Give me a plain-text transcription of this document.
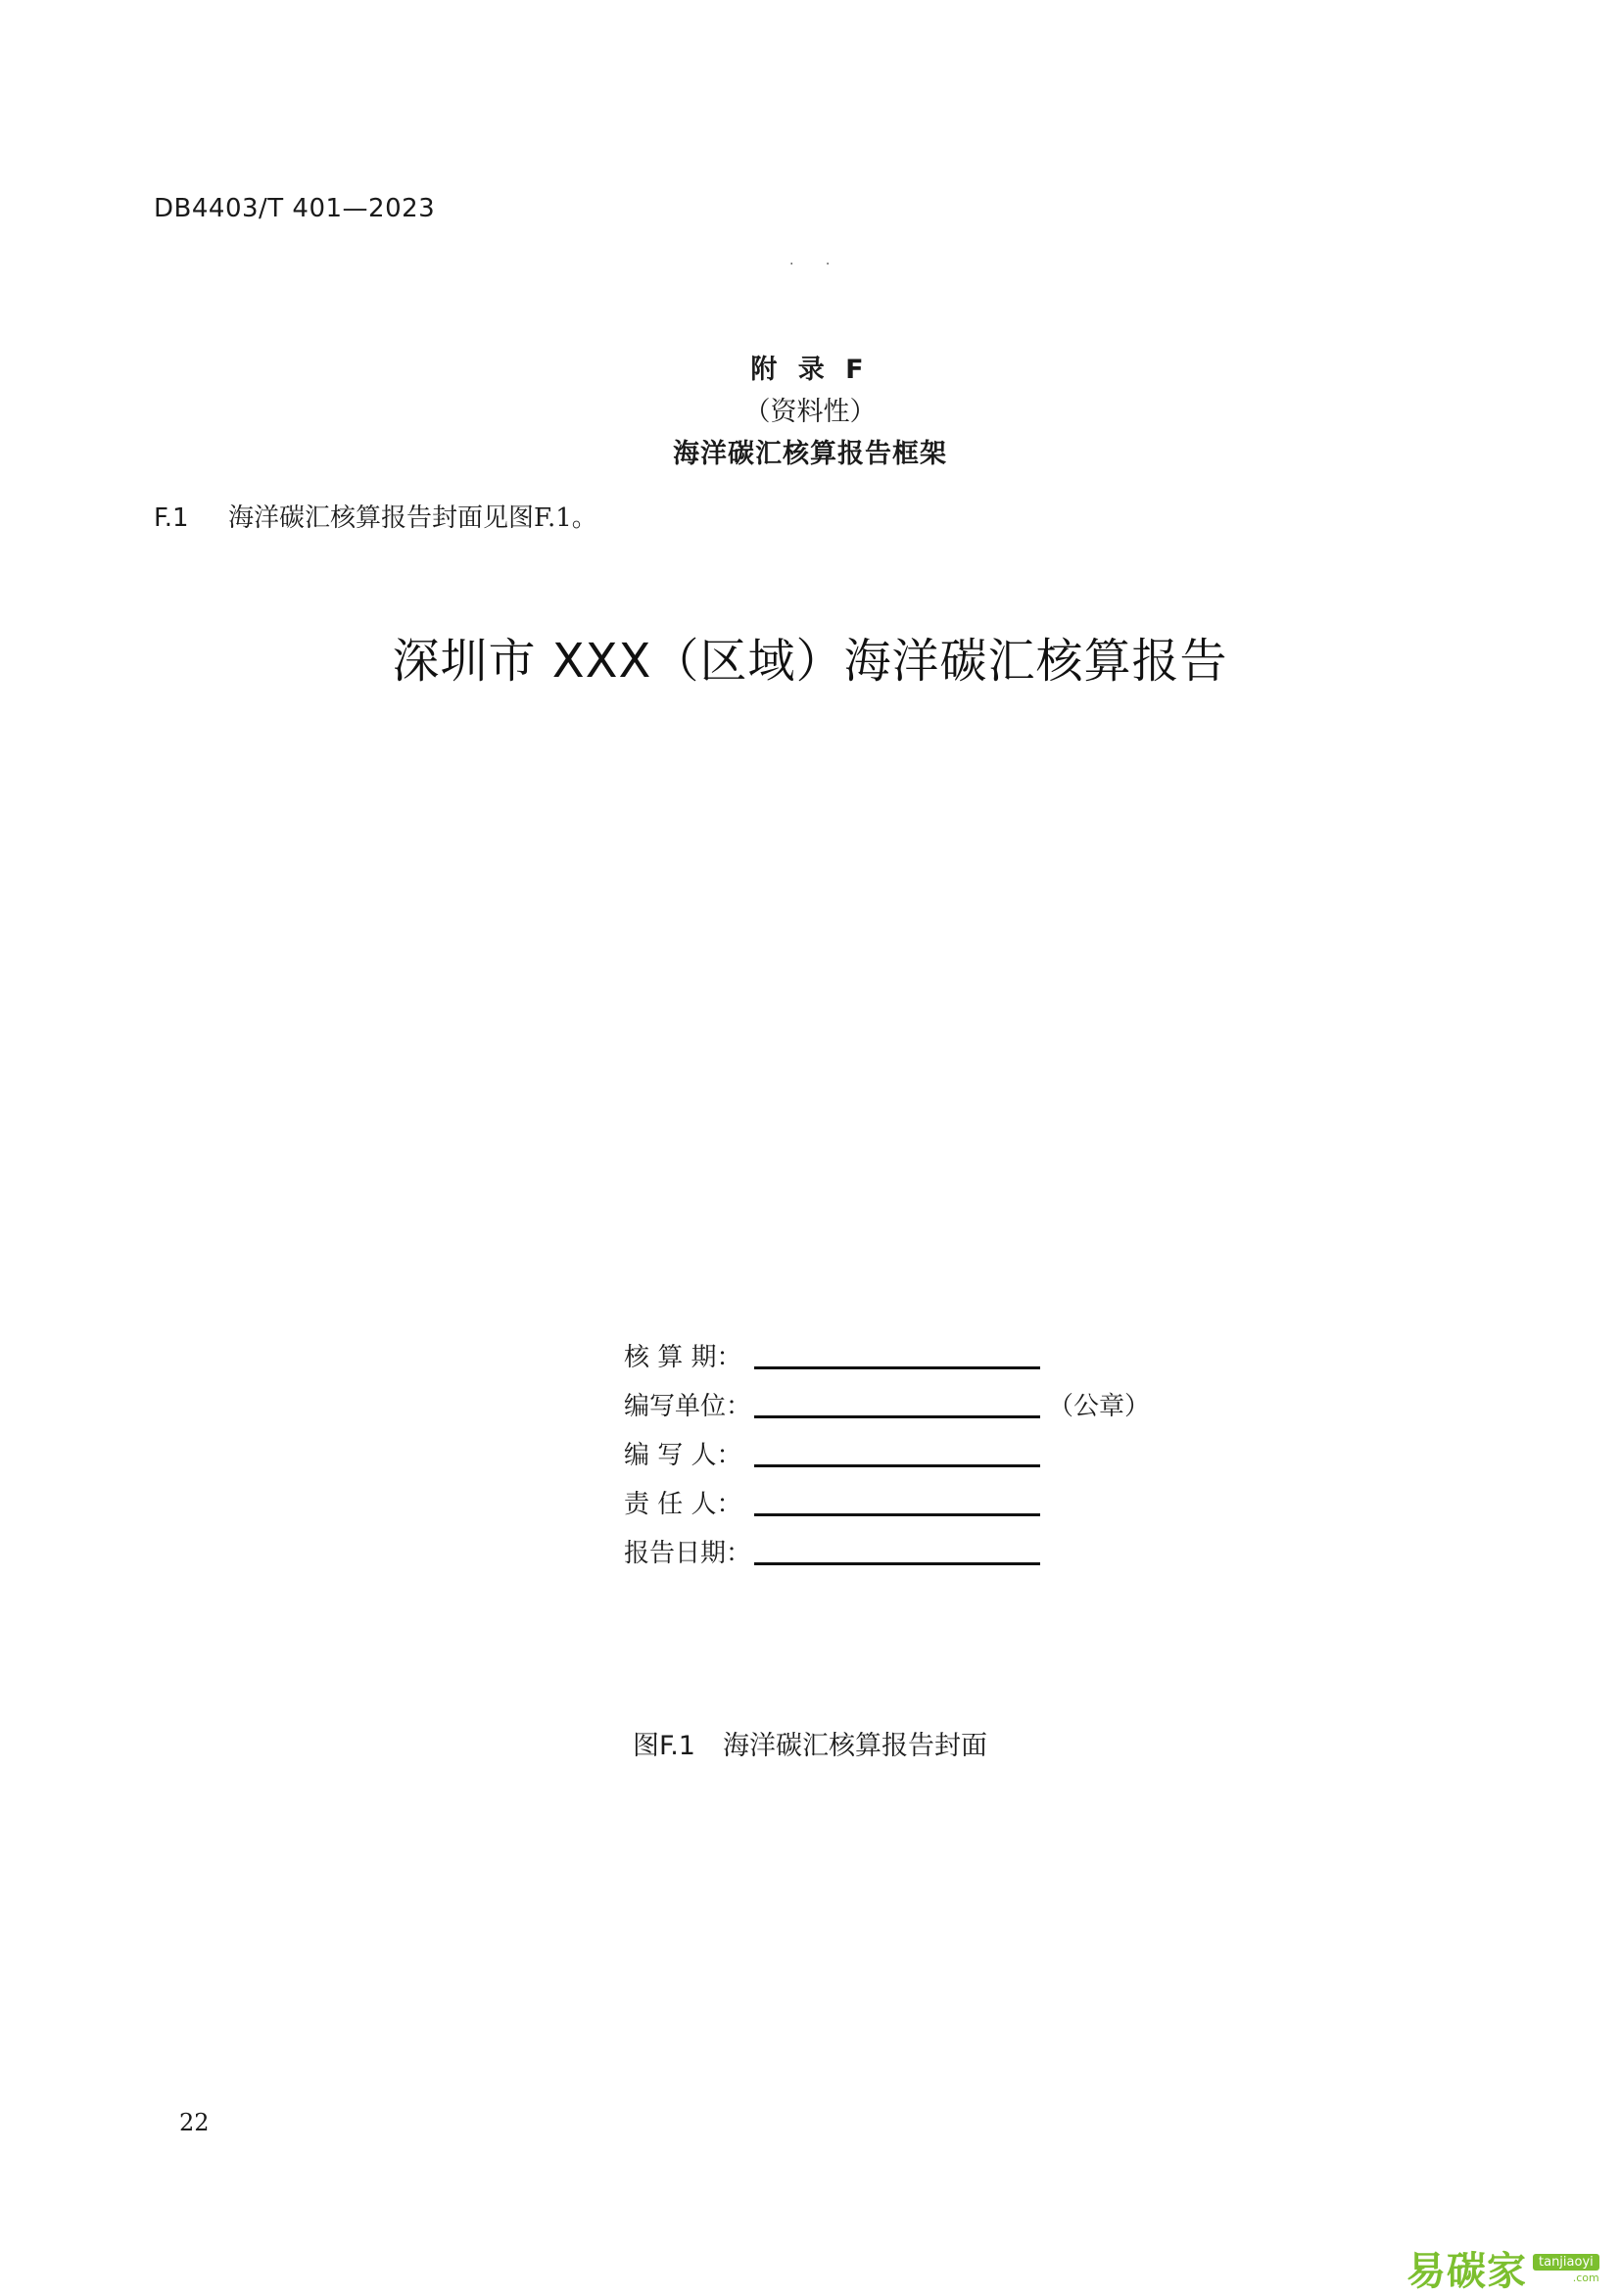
DB4403/T 401—2023
. .
附 录 F
（资料性）
海洋碳汇核算报告框架
F.1 海洋碳汇核算报告封面见图F.1。
深圳市 XXX（区域）海洋碳汇核算报告
核 算 期：
编写单位：	（公章）
编 写 人：
责 任 人：
报告日期：
图F.1 海洋碳汇核算报告封面
22
易碳家 tanjiaoyi
.com
